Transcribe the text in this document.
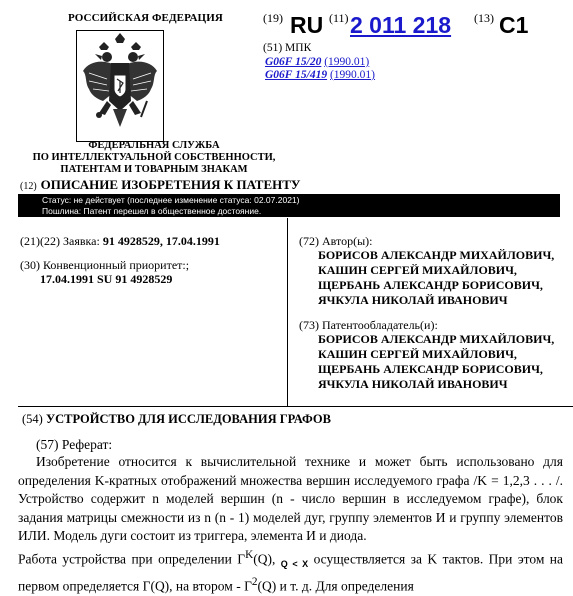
РОССИЙСКАЯ ФЕДЕРАЦИЯ
ФЕДЕРАЛЬНАЯ СЛУЖБА
ПО ИНТЕЛЛЕКТУАЛЬНОЙ СОБСТВЕННОСТИ,
ПАТЕНТАМ И ТОВАРНЫМ ЗНАКАМ
(19) RU (11) 2 011 218 (13) C1
(51) МПК
G06F 15/20 (1990.01)
G06F 15/419 (1990.01)
(12) ОПИСАНИЕ ИЗОБРЕТЕНИЯ К ПАТЕНТУ
Статус: не действует (последнее изменение статуса: 02.07.2021)
Пошлина: Патент перешел в общественное достояние.
(21)(22) Заявка: 91 4928529, 17.04.1991
(30) Конвенционный приоритет:;
17.04.1991 SU 91 4928529
(72) Автор(ы):
БОРИСОВ АЛЕКСАНДР МИХАЙЛОВИЧ,
КАШИН СЕРГЕЙ МИХАЙЛОВИЧ,
ЩЕРБАНЬ АЛЕКСАНДР БОРИСОВИЧ,
ЯЧКУЛА НИКОЛАЙ ИВАНОВИЧ
(73) Патентообладатель(и):
БОРИСОВ АЛЕКСАНДР МИХАЙЛОВИЧ,
КАШИН СЕРГЕЙ МИХАЙЛОВИЧ,
ЩЕРБАНЬ АЛЕКСАНДР БОРИСОВИЧ,
ЯЧКУЛА НИКОЛАЙ ИВАНОВИЧ
(54) УСТРОЙСТВО ДЛЯ ИССЛЕДОВАНИЯ ГРАФОВ
(57) Реферат:

Изобретение относится к вычислительной технике и может быть использовано для определения K-кратных отображений множества вершин исследуемого графа /K = 1,2,3 . . . /. Устройство содержит n моделей вершин (n - число вершин в исследуемом графе), блок задания матрицы смежности из n (n - 1) моделей дуг, группу элементов И и группу элементов ИЛИ. Модель дуги состоит из триггера, элемента И и диода.

Работа устройства при определении $Г^K(Q)$, $_{Q < X}$ осуществляется за K тактов. При этом на первом определяется Г(Q), на втором - $Г^2(Q)$ и т. д. Для определения
